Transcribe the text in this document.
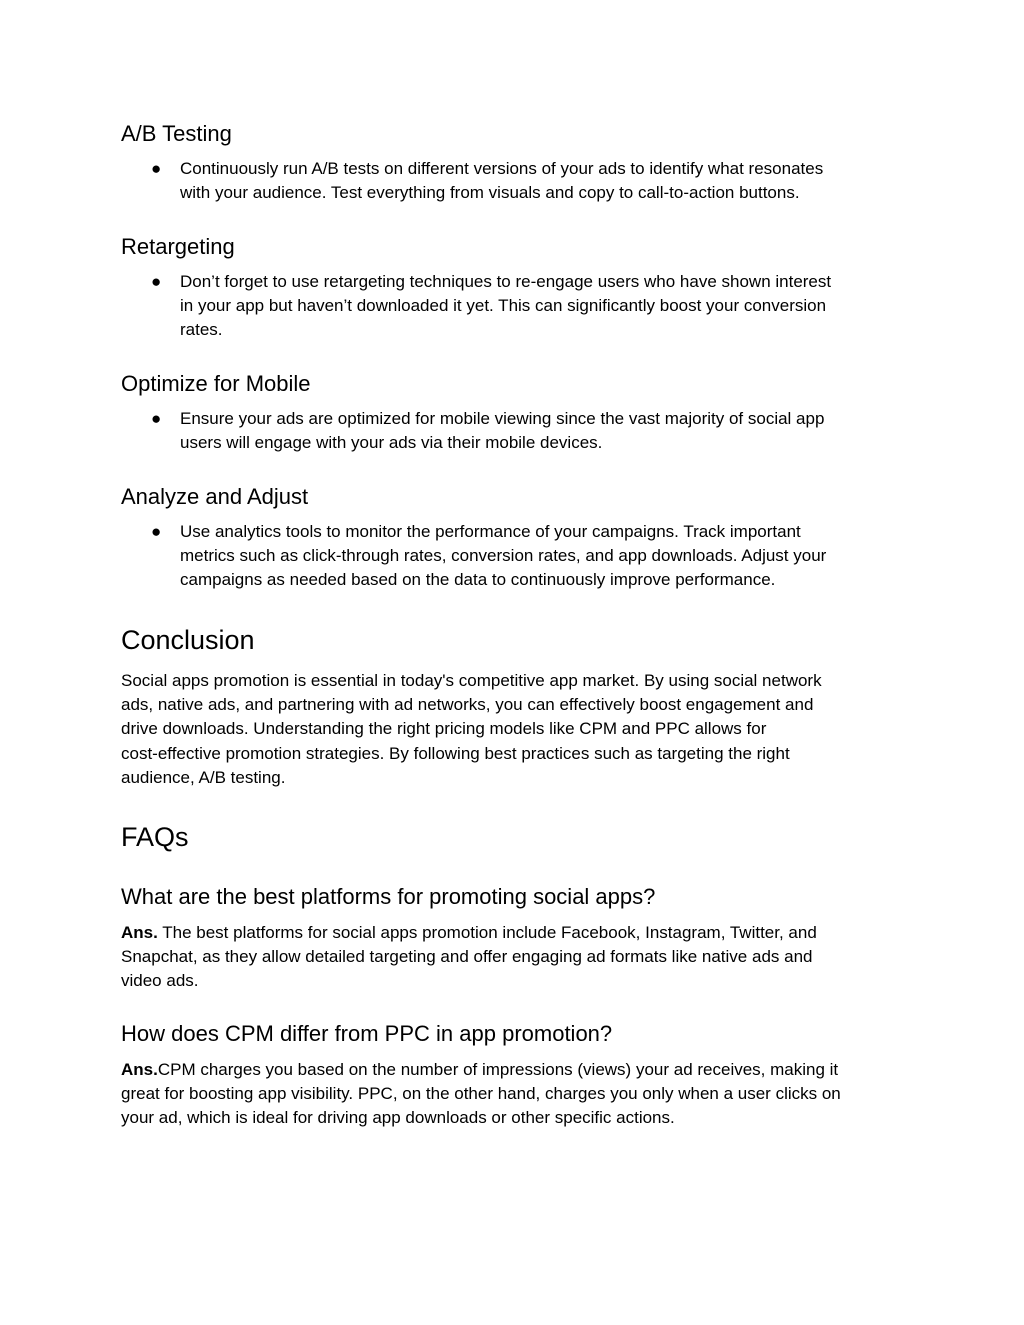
A/B Testing
● Continuously run A/B tests on different versions of your ads to identify what resonates
with your audience. Test everything from visuals and copy to call-to-action buttons.
Retargeting
● Don’t forget to use retargeting techniques to re-engage users who have shown interest
in your app but haven’t downloaded it yet. This can significantly boost your conversion
rates.
Optimize for Mobile
● Ensure your ads are optimized for mobile viewing since the vast majority of social app
users will engage with your ads via their mobile devices.
Analyze and Adjust
● Use analytics tools to monitor the performance of your campaigns. Track important
metrics such as click-through rates, conversion rates, and app downloads. Adjust your
campaigns as needed based on the data to continuously improve performance.
Conclusion
Social apps promotion is essential in today's competitive app market. By using social network
ads, native ads, and partnering with ad networks, you can effectively boost engagement and
drive downloads. Understanding the right pricing models like CPM and PPC allows for
cost-effective promotion strategies. By following best practices such as targeting the right
audience, A/B testing.
FAQs
What are the best platforms for promoting social apps?
Ans. The best platforms for social apps promotion include Facebook, Instagram, Twitter, and
Snapchat, as they allow detailed targeting and offer engaging ad formats like native ads and
video ads.
How does CPM differ from PPC in app promotion?
Ans.CPM charges you based on the number of impressions (views) your ad receives, making it
great for boosting app visibility. PPC, on the other hand, charges you only when a user clicks on
your ad, which is ideal for driving app downloads or other specific actions.
